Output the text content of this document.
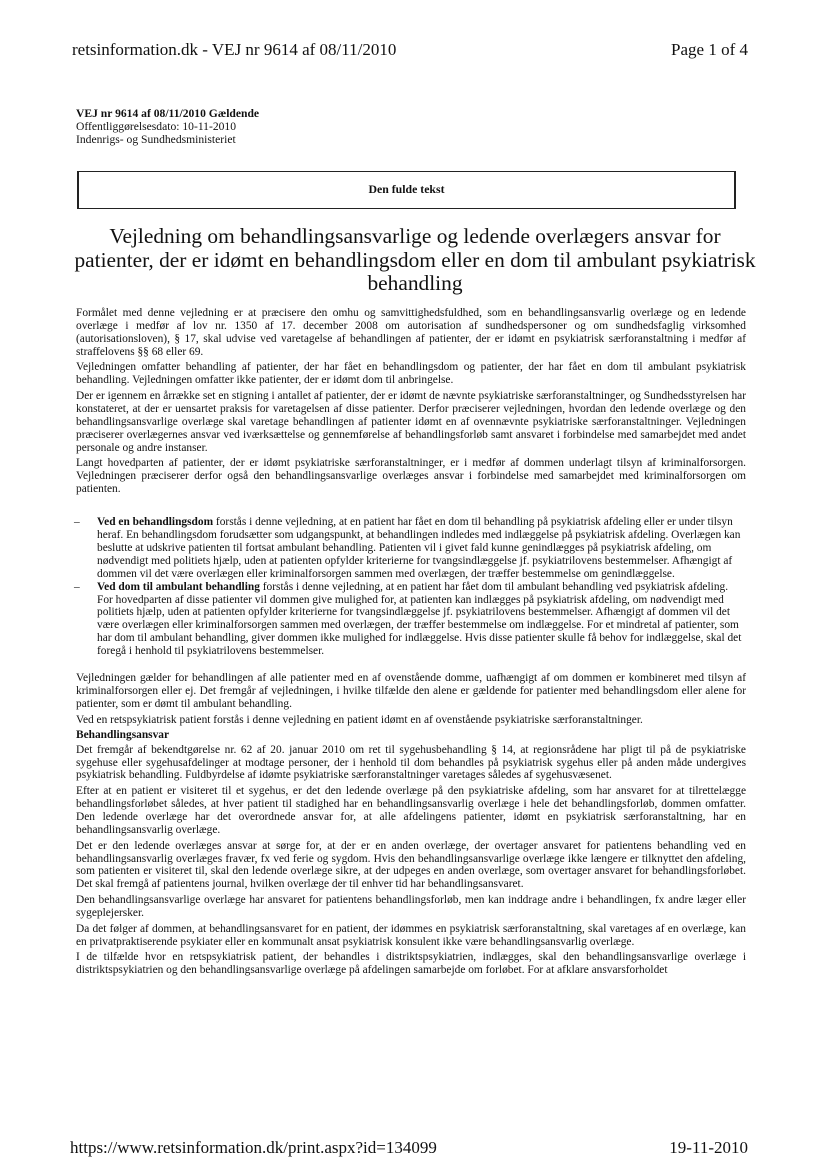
retsinformation.dk - VEJ nr 9614 af 08/11/2010	Page 1 of 4
VEJ nr 9614 af 08/11/2010 Gældende
Offentliggørelsesdato: 10-11-2010
Indenrigs- og Sundhedsministeriet
Den fulde tekst
Vejledning om behandlingsansvarlige og ledende overlægers ansvar for patienter, der er idømt en behandlingsdom eller en dom til ambulant psykiatrisk behandling

Formålet med denne vejledning er at præcisere den omhu og samvittighedsfuldhed, som en behandlingsansvarlig overlæge og en ledende overlæge i medfør af lov nr. 1350 af 17. december 2008 om autorisation af sundhedspersoner og om sundhedsfaglig virksomhed (autorisationsloven), § 17, skal udvise ved varetagelse af behandlingen af patienter, der er idømt en psykiatrisk særforanstaltning i medfør af straffelovens §§ 68 eller 69.

Vejledningen omfatter behandling af patienter, der har fået en behandlingsdom og patienter, der har fået en dom til ambulant psykiatrisk behandling. Vejledningen omfatter ikke patienter, der er idømt dom til anbringelse.

Der er igennem en årrække set en stigning i antallet af patienter, der er idømt de nævnte psykiatriske særforanstaltninger, og Sundhedsstyrelsen har konstateret, at der er uensartet praksis for varetagelsen af disse patienter. Derfor præciserer vejledningen, hvordan den ledende overlæge og den behandlingsansvarlige overlæge skal varetage behandlingen af patienter idømt en af ovennævnte psykiatriske særforanstaltninger. Vejledningen præciserer overlægernes ansvar ved iværksættelse og gennemførelse af behandlingsforløb samt ansvaret i forbindelse med samarbejdet med andet personale og andre instanser.

Langt hovedparten af patienter, der er idømt psykiatriske særforanstaltninger, er i medfør af dommen underlagt tilsyn af kriminalforsorgen. Vejledningen præciserer derfor også den behandlingsansvarlige overlæges ansvar i forbindelse med samarbejdet med kriminalforsorgen om patienten.

– Ved en behandlingsdom forstås i denne vejledning, at en patient har fået en dom til behandling på psykiatrisk afdeling eller er under tilsyn heraf. En behandlingsdom forudsætter som udgangspunkt, at behandlingen indledes med indlæggelse på psykiatrisk afdeling. Overlægen kan beslutte at udskrive patienten til fortsat ambulant behandling. Patienten vil i givet fald kunne genindlægges på psykiatrisk afdeling, om nødvendigt med politiets hjælp, uden at patienten opfylder kriterierne for tvangsindlæggelse jf. psykiatrilovens bestemmelser. Afhængigt af dommen vil det være overlægen eller kriminalforsorgen sammen med overlægen, der træffer bestemmelse om genindlæggelse.
– Ved dom til ambulant behandling forstås i denne vejledning, at en patient har fået dom til ambulant behandling ved psykiatrisk afdeling. For hovedparten af disse patienter vil dommen give mulighed for, at patienten kan indlægges på psykiatrisk afdeling, om nødvendigt med politiets hjælp, uden at patienten opfylder kriterierne for tvangsindlæggelse jf. psykiatrilovens bestemmelser. Afhængigt af dommen vil det være overlægen eller kriminalforsorgen sammen med overlægen, der træffer bestemmelse om indlæggelse. For et mindretal af patienter, som har dom til ambulant behandling, giver dommen ikke mulighed for indlæggelse. Hvis disse patienter skulle få behov for indlæggelse, skal det foregå i henhold til psykiatrilovens bestemmelser.

Vejledningen gælder for behandlingen af alle patienter med en af ovenstående domme, uafhængigt af om dommen er kombineret med tilsyn af kriminalforsorgen eller ej. Det fremgår af vejledningen, i hvilke tilfælde den alene er gældende for patienter med behandlingsdom eller alene for patienter, som er dømt til ambulant behandling.

Ved en retspsykiatrisk patient forstås i denne vejledning en patient idømt en af ovenstående psykiatriske særforanstaltninger.

Behandlingsansvar

Det fremgår af bekendtgørelse nr. 62 af 20. januar 2010 om ret til sygehusbehandling § 14, at regionsrådene har pligt til på de psykiatriske sygehuse eller sygehusafdelinger at modtage personer, der i henhold til dom behandles på psykiatrisk sygehus eller på anden måde undergives psykiatrisk behandling. Fuldbyrdelse af idømte psykiatriske særforanstaltninger varetages således af sygehusvæsenet.

Efter at en patient er visiteret til et sygehus, er det den ledende overlæge på den psykiatriske afdeling, som har ansvaret for at tilrettelægge behandlingsforløbet således, at hver patient til stadighed har en behandlingsansvarlig overlæge i hele det behandlingsforløb, dommen omfatter. Den ledende overlæge har det overordnede ansvar for, at alle afdelingens patienter, idømt en psykiatrisk særforanstaltning, har en behandlingsansvarlig overlæge.

Det er den ledende overlæges ansvar at sørge for, at der er en anden overlæge, der overtager ansvaret for patientens behandling ved en behandlingsansvarlig overlæges fravær, fx ved ferie og sygdom. Hvis den behandlingsansvarlige overlæge ikke længere er tilknyttet den afdeling, som patienten er visiteret til, skal den ledende overlæge sikre, at der udpeges en anden overlæge, som overtager ansvaret for behandlingsforløbet. Det skal fremgå af patientens journal, hvilken overlæge der til enhver tid har behandlingsansvaret.

Den behandlingsansvarlige overlæge har ansvaret for patientens behandlingsforløb, men kan inddrage andre i behandlingen, fx andre læger eller sygeplejersker.

Da det følger af dommen, at behandlingsansvaret for en patient, der idømmes en psykiatrisk særforanstaltning, skal varetages af en overlæge, kan en privatpraktiserende psykiater eller en kommunalt ansat psykiatrisk konsulent ikke være behandlingsansvarlig overlæge.

I de tilfælde hvor en retspsykiatrisk patient, der behandles i distriktspsykiatrien, indlægges, skal den behandlingsansvarlige overlæge i distriktspsykiatrien og den behandlingsansvarlige overlæge på afdelingen samarbejde om forløbet. For at afklare ansvarsforholdet

https://www.retsinformation.dk/print.aspx?id=134099	19-11-2010
